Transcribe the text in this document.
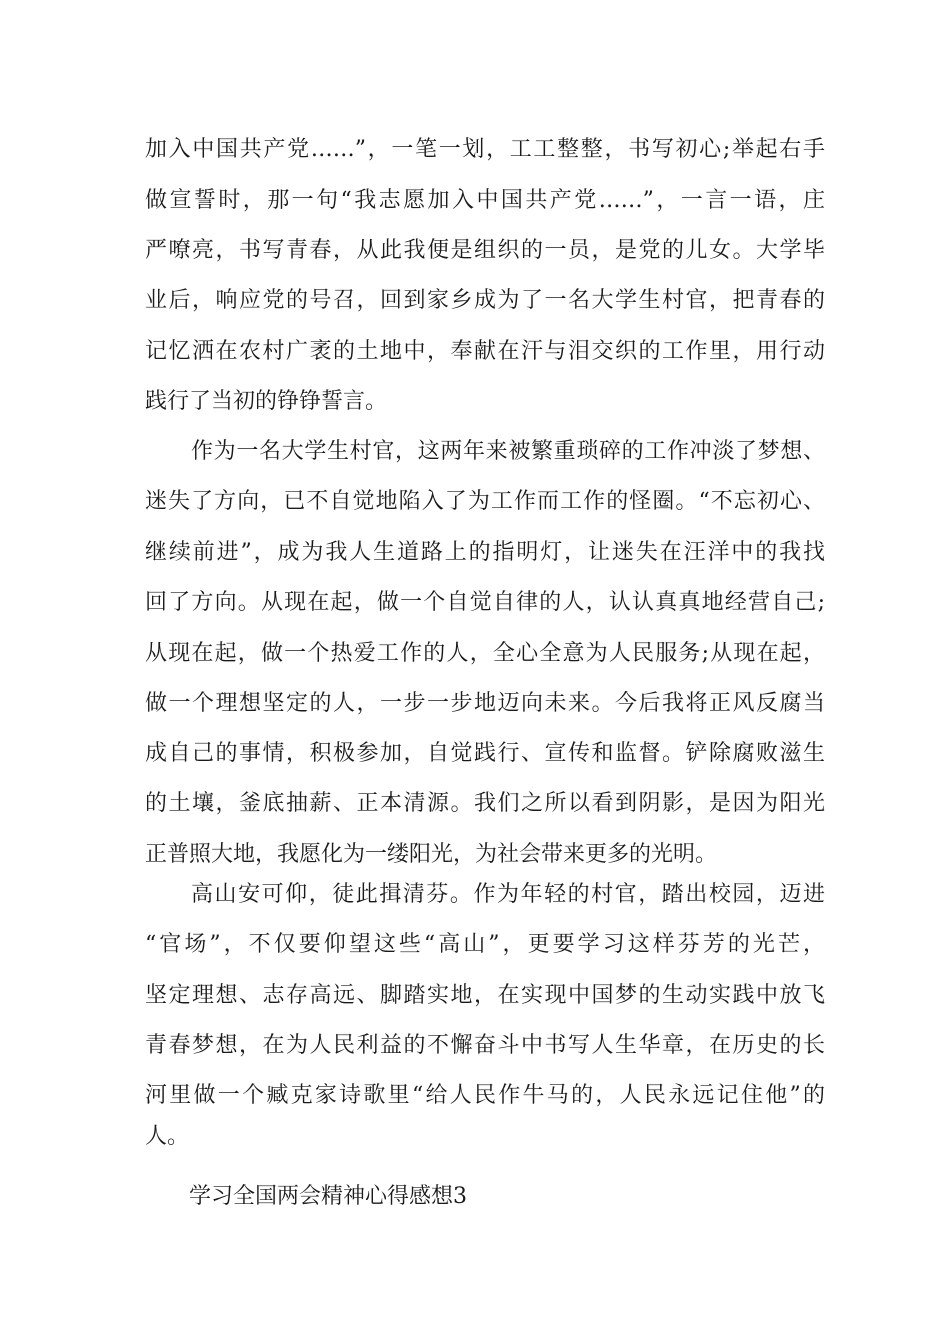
加入中国共产党……”，一笔一划，工工整整，书写初心;举起右手
做宣誓时，那一句“我志愿加入中国共产党……”，一言一语，庄
严嘹亮，书写青春，从此我便是组织的一员，是党的儿女。大学毕
业后，响应党的号召，回到家乡成为了一名大学生村官，把青春的
记忆洒在农村广袤的土地中，奉献在汗与泪交织的工作里，用行动
践行了当初的铮铮誓言。
作为一名大学生村官，这两年来被繁重琐碎的工作冲淡了梦想、
迷失了方向，已不自觉地陷入了为工作而工作的怪圈。“不忘初心、
继续前进”，成为我人生道路上的指明灯，让迷失在汪洋中的我找
回了方向。从现在起，做一个自觉自律的人，认认真真地经营自己;
从现在起，做一个热爱工作的人，全心全意为人民服务;从现在起，
做一个理想坚定的人，一步一步地迈向未来。今后我将正风反腐当
成自己的事情，积极参加，自觉践行、宣传和监督。铲除腐败滋生
的土壤，釜底抽薪、正本清源。我们之所以看到阴影，是因为阳光
正普照大地，我愿化为一缕阳光，为社会带来更多的光明。
高山安可仰，徒此揖清芬。作为年轻的村官，踏出校园，迈进
“官场”，不仅要仰望这些“高山”，更要学习这样芬芳的光芒，
坚定理想、志存高远、脚踏实地，在实现中国梦的生动实践中放飞
青春梦想，在为人民利益的不懈奋斗中书写人生华章，在历史的长
河里做一个臧克家诗歌里“给人民作牛马的，人民永远记住他”的
人。
学习全国两会精神心得感想3
